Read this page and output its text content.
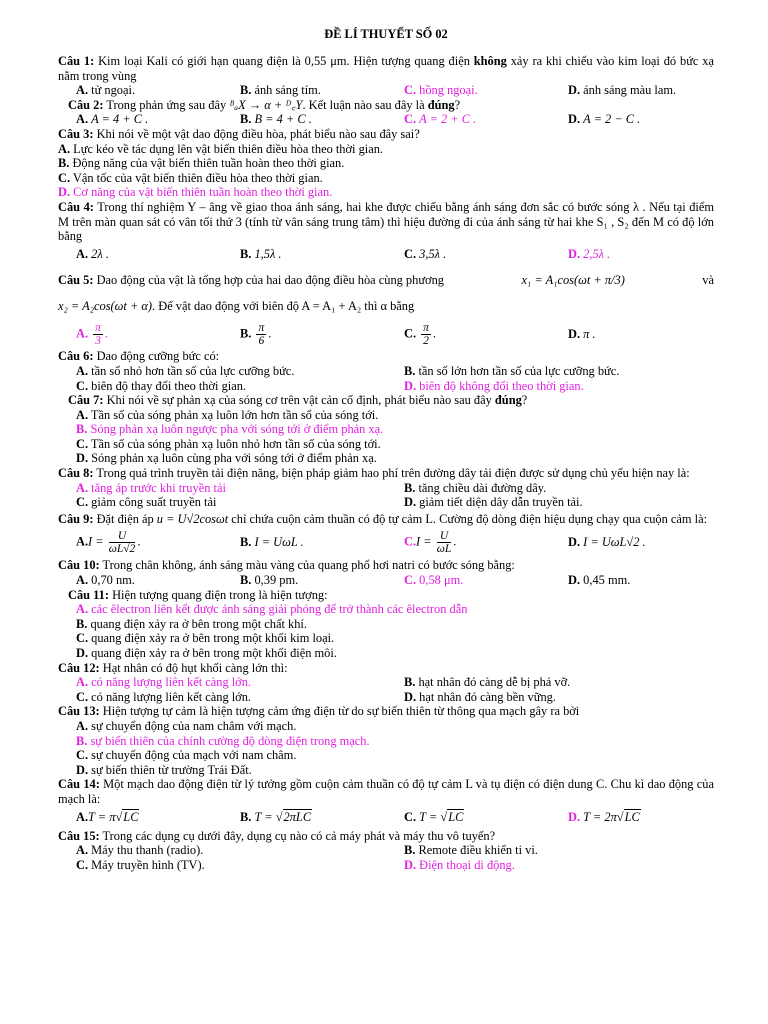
ĐỀ LÍ THUYẾT SỐ 02
Câu 1: Kim loại Kali có giới hạn quang điện là 0,55 μm. Hiện tượng quang điện không xảy ra khi chiếu vào kim loại đó bức xạ nằm trong vùng
A. tử ngoại.	B. ánh sáng tím.	C. hồng ngoại.	D. ánh sáng màu lam.
Câu 2: Trong phản ứng sau đây ᴮₐX → α + ᴰ꜀Y. Kết luận nào sau đây là đúng?
A. A = 4 + C .	B. B = 4 + C .	C. A = 2 + C .	D. A = 2 − C .
Câu 3: Khi nói về một vật dao động điều hòa, phát biểu nào sau đây sai?
A. Lực kéo về tác dụng lên vật biến thiên điều hòa theo thời gian.
B. Động năng của vật biến thiên tuần hoàn theo thời gian.
C. Vận tốc của vật biến thiên điều hòa theo thời gian.
D. Cơ năng của vật biến thiên tuần hoàn theo thời gian.
Câu 4: Trong thí nghiệm Y – âng về giao thoa ánh sáng, hai khe được chiếu bằng ánh sáng đơn sắc có bước sóng λ . Nếu tại điểm M trên màn quan sát có vân tối thứ 3 (tính từ vân sáng trung tâm) thì hiệu đường đi của ánh sáng từ hai khe S₁ , S₂ đến M có độ lớn bằng
A. 2λ .	B. 1,5λ .	C. 3,5λ .	D. 2,5λ .
Câu 5: Dao động của vật là tổng hợp của hai dao động điều hòa cùng phương	x₁ = A₁cos(ωt + π/3)	và
x₂ = A₂cos(ωt + α) . Để vật dao động với biên độ A = A₁ + A₂ thì α bằng
A. $\frac{\pi}{3}$ .	B. $\frac{\pi}{6}$ .	C. $\frac{\pi}{2}$ .	D. π .
Câu 6: Dao động cưỡng bức có:
A. tần số nhỏ hơn tần số của lực cưỡng bức.	B. tần số lớn hơn tần số của lực cưỡng bức.
C. biên độ thay đổi theo thời gian.	D. biên độ không đổi theo thời gian.
Câu 7: Khi nói về sự phản xạ của sóng cơ trên vật cản cố định, phát biểu nào sau đây đúng?
A. Tần số của sóng phản xạ luôn lớn hơn tần số của sóng tới.
B. Sóng phản xạ luôn ngược pha với sóng tới ở điểm phản xạ.
C. Tần số của sóng phản xạ luôn nhỏ hơn tần số của sóng tới.
D. Sóng phản xạ luôn cùng pha với sóng tới ở điểm phản xạ.
Câu 8: Trong quá trình truyền tải điện năng, biện pháp giảm hao phí trên đường dây tải điện được sử dụng chủ yếu hiện nay là:
A. tăng áp trước khi truyền tải	B. tăng chiều dài đường dây.
C. giảm công suất truyền tải	D. giảm tiết diện dây dẫn truyền tải.
Câu 9: Đặt điện áp u = U√2cosωt chỉ chứa cuộn cảm thuần có độ tự cảm L. Cường độ dòng điện hiệu dụng chạy qua cuộn cảm là:
$A.I = \frac{U}{\omega L√2}$ .	B. I = UωL .	$C.I = \frac{U}{\omega L}$ .	D. I = UωL√2 .
Câu 10: Trong chân không, ánh sáng màu vàng của quang phổ hơi natri có bước sóng bằng:
A. 0,70 nm.	B. 0,39 pm.	C. 0,58 μm.	D. 0,45 mm.
Câu 11: Hiện tượng quang điện trong là hiện tượng:
A. các êlectron liên kết được ánh sáng giải phóng để trở thành các êlectron dẫn
B. quang điện xảy ra ở bên trong một chất khí.
C. quang điện xảy ra ở bên trong một khối kim loại.
D. quang điện xảy ra ở bên trong một khối điện môi.
Câu 12: Hạt nhân có độ hụt khối càng lớn thì:
A. có năng lượng liên kết càng lớn.	B. hạt nhân đó càng dễ bị phá vỡ.
C. có năng lượng liên kết càng lớn.	D. hạt nhân đó càng bền vững.
Câu 13: Hiện tượng tự cảm là hiện tượng cảm ứng điện từ do sự biến thiên từ thông qua mạch gây ra bởi
A. sự chuyển động của nam châm với mạch.
B. sự biến thiên của chính cường độ dòng điện trong mạch.
C. sự chuyển động của mạch với nam châm.
D. sự biến thiên từ trường Trái Đất.
Câu 14: Một mạch dao động điện từ lý tưởng gồm cuộn cảm thuần có độ tự cảm L và tụ điện có điện dung C. Chu kì dao động của mạch là:
A.T = π√LC	B. T = √2πLC	C. T = √LC	D. T = 2π√LC
Câu 15: Trong các dụng cụ dưới đây, dụng cụ nào có cả máy phát và máy thu vô tuyến?
A. Máy thu thanh (radio).	B. Remote điều khiển ti vi.
C. Máy truyền hình (TV).	D. Điện thoại di động.
